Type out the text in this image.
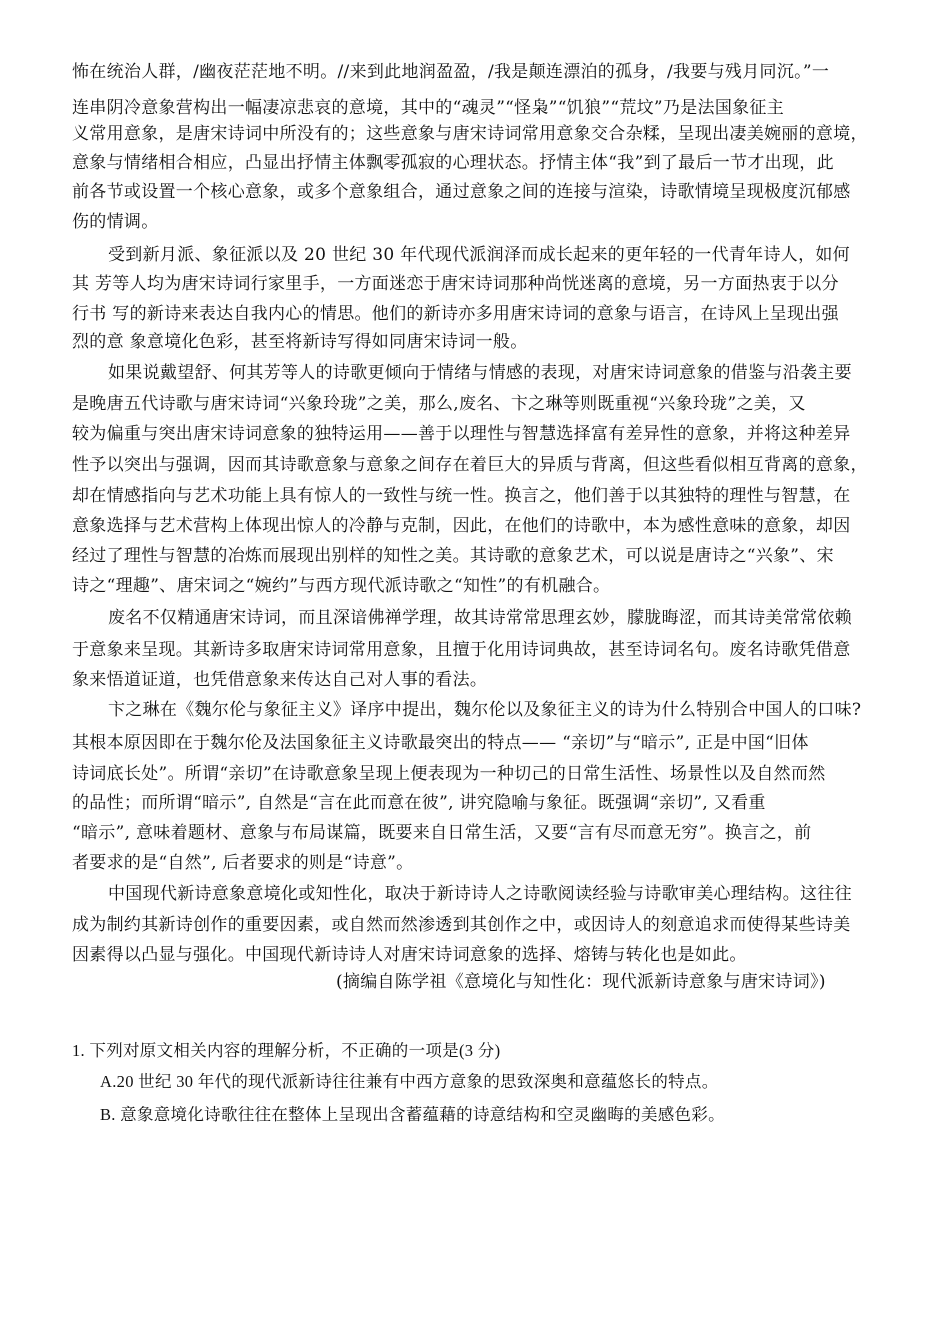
怖在统治人群，/幽夜茫茫地不明。//来到此地润盈盈，/我是颠连漂泊的孤身，/我要与残月同沉。”一
连串阴冷意象营构出一幅凄凉悲哀的意境，其中的“魂灵”“怪枭”“饥狼”“荒坟”乃是法国象征主
义常用意象，是唐宋诗词中所没有的；这些意象与唐宋诗词常用意象交合杂糅，呈现出凄美婉丽的意境，
意象与情绪相合相应，凸显出抒情主体飘零孤寂的心理状态。抒情主体“我”到了最后一节才出现，此
前各节或设置一个核心意象，或多个意象组合，通过意象之间的连接与渲染，诗歌情境呈现极度沉郁感
伤的情调。
受到新月派、象征派以及 20 世纪 30 年代现代派润泽而成长起来的更年轻的一代青年诗人，如何
其 芳等人均为唐宋诗词行家里手，一方面迷恋于唐宋诗词那种尚恍迷离的意境，另一方面热衷于以分
行书 写的新诗来表达自我内心的情思。他们的新诗亦多用唐宋诗词的意象与语言，在诗风上呈现出强
烈的意 象意境化色彩，甚至将新诗写得如同唐宋诗词一般。
如果说戴望舒、何其芳等人的诗歌更倾向于情绪与情感的表现，对唐宋诗词意象的借鉴与沿袭主要
是晚唐五代诗歌与唐宋诗词“兴象玲珑”之美，那么,废名、卞之琳等则既重视“兴象玲珑”之美，又
较为偏重与突出唐宋诗词意象的独特运用——善于以理性与智慧选择富有差异性的意象，并将这种差异
性予以突出与强调，因而其诗歌意象与意象之间存在着巨大的异质与背离，但这些看似相互背离的意象，
却在情感指向与艺术功能上具有惊人的一致性与统一性。换言之，他们善于以其独特的理性与智慧，在
意象选择与艺术营构上体现出惊人的冷静与克制，因此，在他们的诗歌中，本为感性意味的意象，却因
经过了理性与智慧的冶炼而展现出别样的知性之美。其诗歌的意象艺术，可以说是唐诗之“兴象”、宋
诗之“理趣”、唐宋词之“婉约”与西方现代派诗歌之“知性”的有机融合。
废名不仅精通唐宋诗词，而且深谙佛禅学理，故其诗常常思理玄妙，朦胧晦涩，而其诗美常常依赖
于意象来呈现。其新诗多取唐宋诗词常用意象，且擅于化用诗词典故，甚至诗词名句。废名诗歌凭借意
象来悟道证道，也凭借意象来传达自己对人事的看法。
卞之琳在《魏尔伦与象征主义》译序中提出，魏尔伦以及象征主义的诗为什么特别合中国人的口味?
其根本原因即在于魏尔伦及法国象征主义诗歌最突出的特点—— “亲切”与“暗示”, 正是中国“旧体
诗词底长处”。所谓“亲切”在诗歌意象呈现上便表现为一种切己的日常生活性、场景性以及自然而然
的品性；而所谓“暗示”, 自然是“言在此而意在彼”, 讲究隐喻与象征。既强调“亲切”, 又看重
“暗示”, 意味着题材、意象与布局谋篇，既要来自日常生活，又要“言有尽而意无穷”。换言之，前
者要求的是“自然”, 后者要求的则是“诗意”。
中国现代新诗意象意境化或知性化，取决于新诗诗人之诗歌阅读经验与诗歌审美心理结构。这往往
成为制约其新诗创作的重要因素，或自然而然渗透到其创作之中，或因诗人的刻意追求而使得某些诗美
因素得以凸显与强化。中国现代新诗诗人对唐宋诗词意象的选择、熔铸与转化也是如此。
(摘编自陈学祖《意境化与知性化：现代派新诗意象与唐宋诗词》)
1. 下列对原文相关内容的理解分析，不正确的一项是(3 分)
A.20 世纪 30 年代的现代派新诗往往兼有中西方意象的思致深奥和意蕴悠长的特点。
B. 意象意境化诗歌往往在整体上呈现出含蓄蕴藉的诗意结构和空灵幽晦的美感色彩。
